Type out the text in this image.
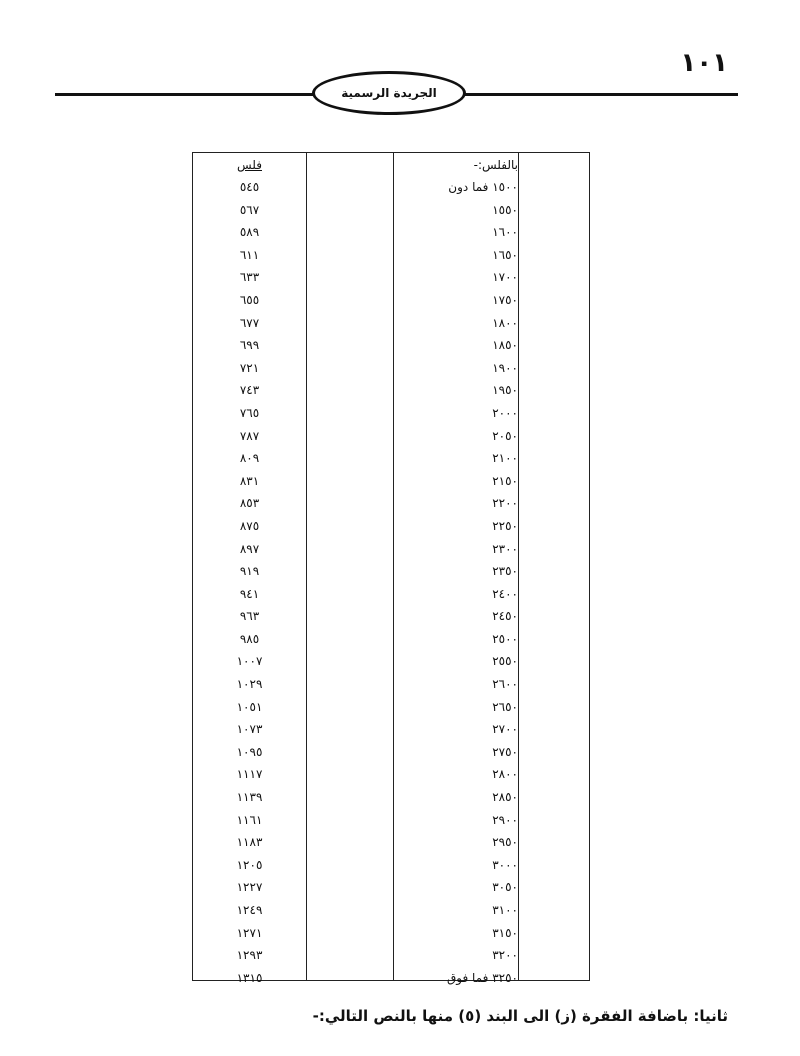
١٠١
الجريدة الرسمية
بالفلس:-
١٥٠٠ فما دون
١٥٥٠
١٦٠٠
١٦٥٠
١٧٠٠
١٧٥٠
١٨٠٠
١٨٥٠
١٩٠٠
١٩٥٠
٢٠٠٠
٢٠٥٠
٢١٠٠
٢١٥٠
٢٢٠٠
٢٢٥٠
٢٣٠٠
٢٣٥٠
٢٤٠٠
٢٤٥٠
٢٥٠٠
٢٥٥٠
٢٦٠٠
٢٦٥٠
٢٧٠٠
٢٧٥٠
٢٨٠٠
٢٨٥٠
٢٩٠٠
٢٩٥٠
٣٠٠٠
٣٠٥٠
٣١٠٠
٣١٥٠
٣٢٠٠
٣٢٥٠ فما فوق
فلس
٥٤٥
٥٦٧
٥٨٩
٦١١
٦٣٣
٦٥٥
٦٧٧
٦٩٩
٧٢١
٧٤٣
٧٦٥
٧٨٧
٨٠٩
٨٣١
٨٥٣
٨٧٥
٨٩٧
٩١٩
٩٤١
٩٦٣
٩٨٥
١٠٠٧
١٠٢٩
١٠٥١
١٠٧٣
١٠٩٥
١١١٧
١١٣٩
١١٦١
١١٨٣
١٢٠٥
١٢٢٧
١٢٤٩
١٢٧١
١٢٩٣
١٣١٥
ثانيا: باضافة الفقرة (ز) الى البند (٥) منها بالنص التالي:-
